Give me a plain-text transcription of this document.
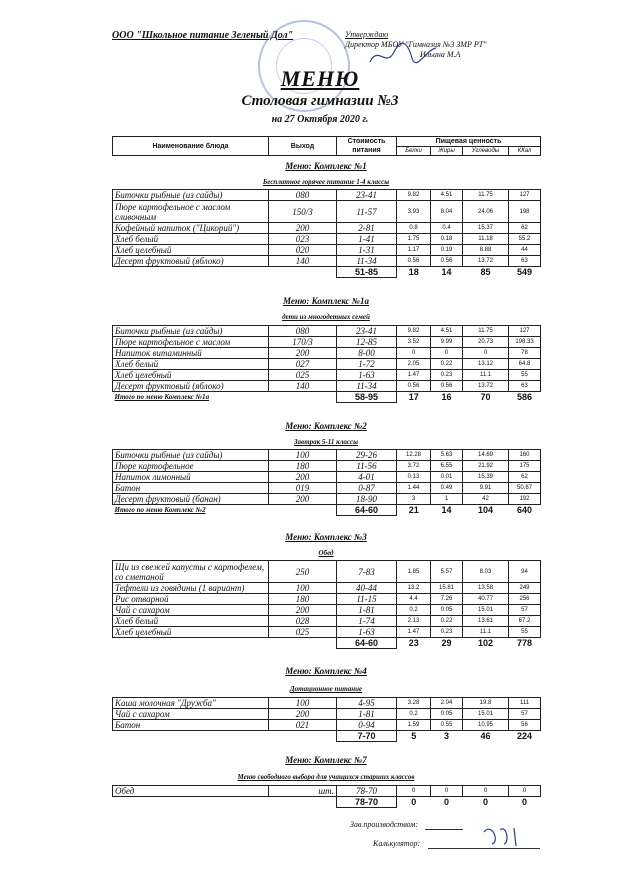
ООО "Школьное питание Зеленый Дол"	Утверждаю
Директор МБОУ "Гимназия №3 ЗМР РТ"
Ильина М.А
МЕНЮ
Столовая гимназии №3
на 27 Октября 2020 г.
Наименование блюда	Выход	Стоимость питания	Пищевая ценность			
			Белки	Жиры	Углеводы	ККал
Меню: Комплекс №1
Бесплатное горячее питание 1-4 классы
Биточки рыбные (из сайды)	080	23-41	9.82	4.51	11.75	127
Пюре картофельное с маслом сливочным	150/3	11-57	3.93	8.04	24.06	198
Кофейный напиток ("Цикорий")	200	2-81	0.8	0.4	15.37	62
Хлеб белый	023	1-41	1.75	0.18	11.18	55.2
Хлеб целебный	020	1-31	1.17	0.19	8.88	44
Десерт фруктовый (яблоко)	140	11-34	0.56	0.56	13.72	63
		51-85	18	14	85	549
Меню: Комплекс №1а
дети из многодетных семей
Биточки рыбные (из сайды)	080	23-41	9.82	4.51	11.75	127
Пюре картофельное с маслом	170/3	12-85	3.52	9.99	20.73	198.33
Напиток витаминный	200	8-00	0	0	0	78
Хлеб белый	027	1-72	2.05	0.22	13.12	64.8
Хлеб целебный	025	1-63	1.47	0.23	11.1	55
Десерт фруктовый (яблоко)	140	11-34	0.56	0.56	13.72	63
Итого по меню Комплекс №1а		58-95	17	16	70	586
Меню: Комплекс №2
Завтрак 5-11 классы
Биточки рыбные (из сайды)	100	29-26	12.28	5.63	14.69	160
Пюре картофельное	180	11-56	3.72	6.55	21.92	175
Напиток лимонный	200	4-01	0.13	0.01	15.39	62
Батон	019	0-87	1.44	0.49	9.91	50.67
Десерт фруктовый (банан)	200	18-90	3	1	42	192
Итого по меню Комплекс №2		64-60	21	14	104	640
Меню: Комплекс №3
Обед
Щи из свежей капусты с картофелем, со сметаной	250	7-83	1.85	5.57	8.03	94
Тефтели из говядины (1 вариант)	100	40-44	13.2	15.81	13.58	249
Рис отварной	180	11-15	4.4	7.26	40.77	256
Чай с сахаром	200	1-81	0.2	0.05	15.01	57
Хлеб белый	028	1-74	2.13	0.22	13.61	67.2
Хлеб целебный	025	1-63	1.47	0.23	11.1	55
		64-60	23	29	102	778
Меню: Комплекс №4
Дотационное питание
Каша молочная "Дружба"	100	4-95	3.28	2.04	19.8	111
Чай с сахаром	200	1-81	0.2	0.05	15.01	57
Батон	021	0-94	1.59	0.55	10.95	56
		7-70	5	3	46	224
Меню: Комплекс №7
Меню свободного выбора для учащихся старших классов
Обед	шт.	78-70	0	0	0	0
		78-70	0	0	0	0
Зав.производством:
Калькулятор:
